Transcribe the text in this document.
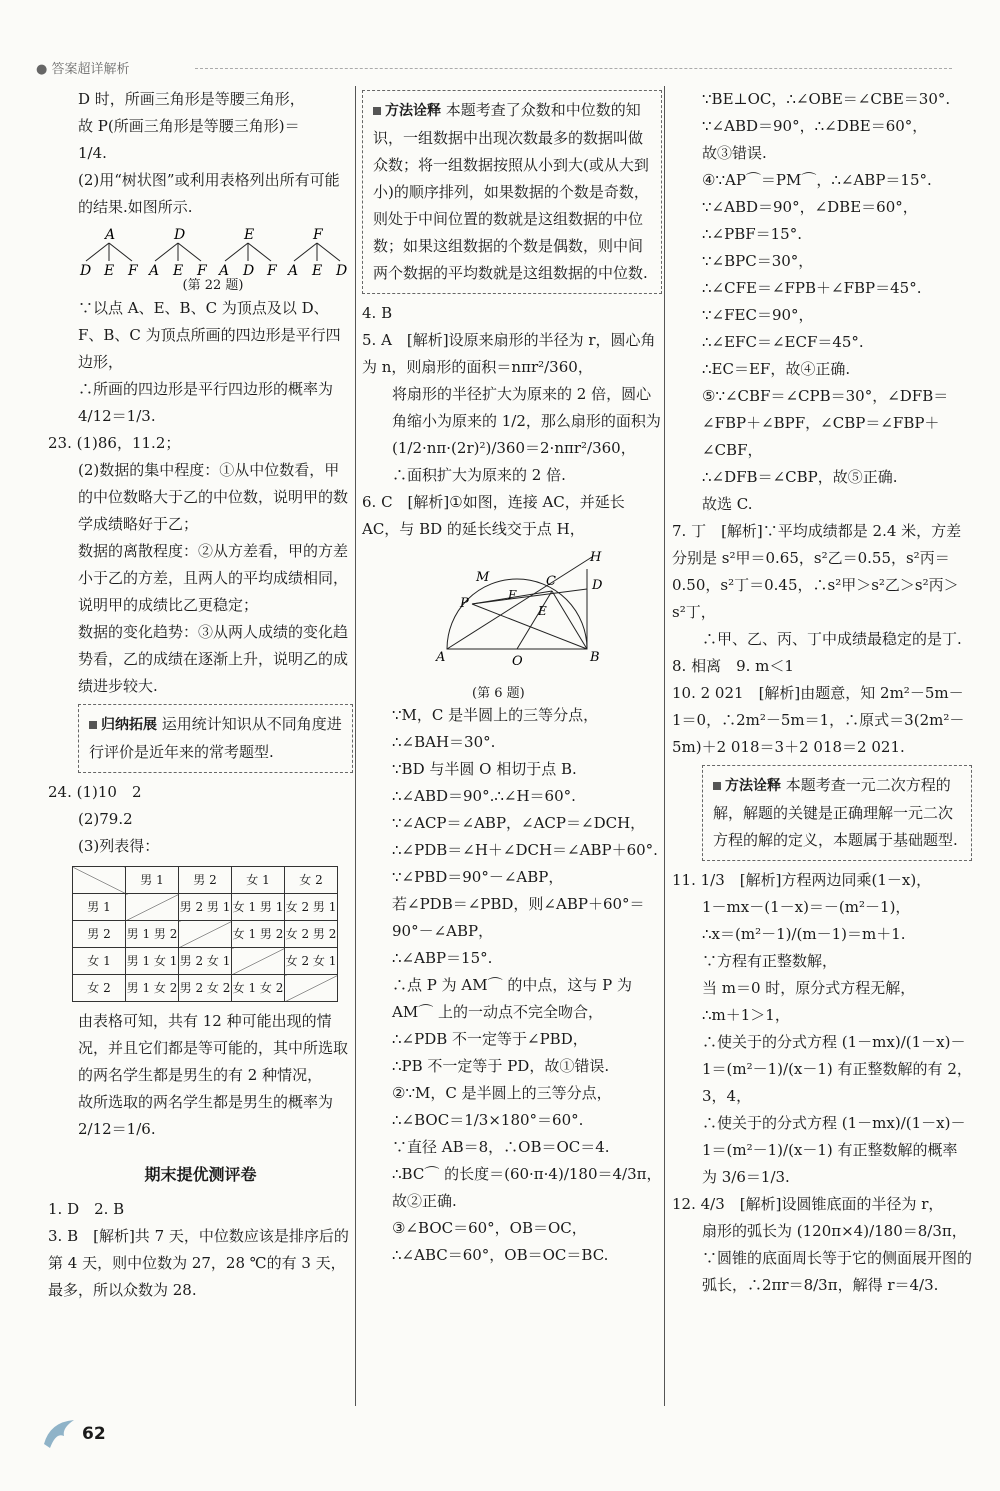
● 答案超详解析

D 时，所画三角形是等腰三角形，

故 P(所画三角形是等腰三角形)＝

1/4.

(2)用“树状图”或利用表格列出所有可能的结果.如图所示.

A
D E F
D
A E F
E
A D F
F
A E D
(第 22 题)

∵以点 A、E、B、C 为顶点及以 D、F、B、C 为顶点所画的四边形是平行四边形，

∴所画的四边形是平行四边形的概率为 4/12＝1/3.

23. (1)86，11.2；

(2)数据的集中程度：①从中位数看，甲的中位数略大于乙的中位数，说明甲的数学成绩略好于乙；

数据的离散程度：②从方差看，甲的方差小于乙的方差，且两人的平均成绩相同，说明甲的成绩比乙更稳定；

数据的变化趋势：③从两人成绩的变化趋势看，乙的成绩在逐渐上升，说明乙的成绩进步较大.

归纳拓展 运用统计知识从不同角度进行评价是近年来的常考题型.

24. (1)10　2

(2)79.2

(3)列表得：

	男 1	男 2	女 1	女 2
男 1		男 2 男 1	女 1 男 1	女 2 男 1
男 2	男 1 男 2		女 1 男 2	女 2 男 2
女 1	男 1 女 1	男 2 女 1		女 2 女 1
女 2	男 1 女 2	男 2 女 2	女 1 女 2	

由表格可知，共有 12 种可能出现的情况，并且它们都是等可能的，其中所选取的两名学生都是男生的有 2 种情况，

故所选取的两名学生都是男生的概率为 2/12＝1/6.

期末提优测评卷

1. D　2. B

3. B　[解析]共 7 天，中位数应该是排序后的第 4 天，则中位数为 27，28 ℃的有 3 天，最多，所以众数为 28.

方法诠释 本题考查了众数和中位数的知识，一组数据中出现次数最多的数据叫做众数；将一组数据按照从小到大(或从大到小)的顺序排列，如果数据的个数是奇数，则处于中间位置的数就是这组数据的中位数；如果这组数据的个数是偶数，则中间两个数据的平均数就是这组数据的中位数.

4. B

5. A　[解析]设原来扇形的半径为 r，圆心角为 n，则扇形的面积＝nπr²/360，

将扇形的半径扩大为原来的 2 倍，圆心角缩小为原来的 1/2，那么扇形的面积为 (1/2·nπ·(2r)²)/360＝2·nπr²/360，

∴面积扩大为原来的 2 倍.

6. C　[解析]①如图，连接 AC，并延长 AC，与 BD 的延长线交于点 H，

H
M	C	D
P
F
E
A	O	B
(第 6 题)

∵M，C 是半圆上的三等分点，

∴∠BAH＝30°.

∵BD 与半圆 O 相切于点 B.

∴∠ABD＝90°.∴∠H＝60°.

∵∠ACP＝∠ABP，∠ACP＝∠DCH，

∴∠PDB＝∠H＋∠DCH＝∠ABP＋60°.

∵∠PBD＝90°－∠ABP，

若∠PDB＝∠PBD，则∠ABP＋60°＝90°－∠ABP，

∴∠ABP＝15°.

∴点 P 为 AM⌒ 的中点，这与 P 为 AM⌒ 上的一动点不完全吻合，

∴∠PDB 不一定等于∠PBD，

∴PB 不一定等于 PD，故①错误.

②∵M，C 是半圆上的三等分点，

∴∠BOC＝1/3×180°＝60°.

∵直径 AB＝8，∴OB＝OC＝4.

∴BC⌒ 的长度＝(60·π·4)/180＝4/3π，

故②正确.

③∠BOC＝60°，OB＝OC，

∴∠ABC＝60°，OB＝OC＝BC.

∵BE⊥OC，∴∠OBE＝∠CBE＝30°.

∵∠ABD＝90°，∴∠DBE＝60°，

故③错误.

④∵AP⌒＝PM⌒，∴∠ABP＝15°.

∵∠ABD＝90°，∠DBE＝60°，

∴∠PBF＝15°.

∵∠BPC＝30°，

∴∠CFE＝∠FPB＋∠FBP＝45°.

∵∠FEC＝90°，

∴∠EFC＝∠ECF＝45°.

∴EC＝EF，故④正确.

⑤∵∠CBF＝∠CPB＝30°，∠DFB＝∠FBP＋∠BPF，∠CBP＝∠FBP＋∠CBF，

∴∠DFB＝∠CBP，故⑤正确.

故选 C.

7. 丁　[解析]∵平均成绩都是 2.4 米，方差分别是 s²甲＝0.65，s²乙＝0.55，s²丙＝0.50，s²丁＝0.45，∴s²甲＞s²乙＞s²丙＞s²丁，

∴甲、乙、丙、丁中成绩最稳定的是丁.

8. 相离　9. m＜1

10. 2 021　[解析]由题意，知 2m²－5m－1＝0，∴2m²－5m＝1，∴原式＝3(2m²－5m)＋2 018＝3＋2 018＝2 021.

方法诠释 本题考查一元二次方程的解，解题的关键是正确理解一元二次方程的解的定义，本题属于基础题型.

11. 1/3　[解析]方程两边同乘(1－x)，

1－mx－(1－x)＝－(m²－1)，

∴x＝(m²－1)/(m－1)＝m＋1.

∵方程有正整数解，

当 m＝0 时，原分式方程无解，

∴m＋1＞1，

∴使关于的分式方程 (1－mx)/(1－x)－1＝(m²－1)/(x－1) 有正整数解的有 2，3，4，

∴使关于的分式方程 (1－mx)/(1－x)－1＝(m²－1)/(x－1) 有正整数解的概率为 3/6＝1/3.

12. 4/3　[解析]设圆锥底面的半径为 r，

扇形的弧长为 (120π×4)/180＝8/3π，∵圆锥的底面周长等于它的侧面展开图的弧长，∴2πr＝8/3π，解得 r＝4/3.

62
